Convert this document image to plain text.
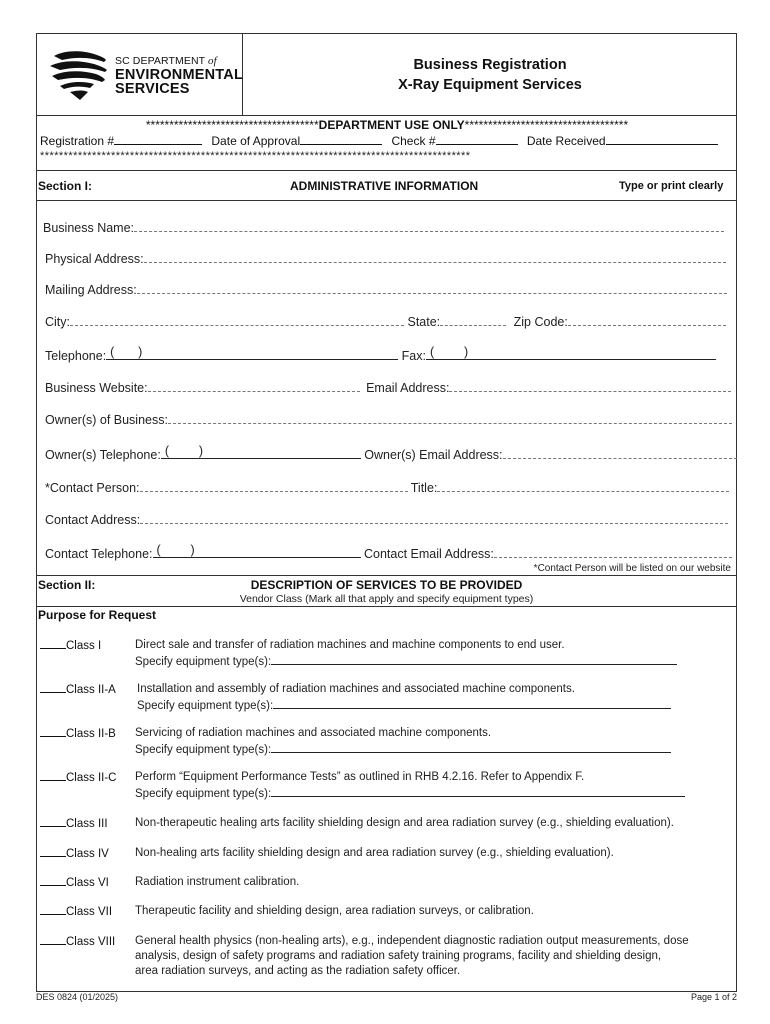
SC DEPARTMENT of
ENVIRONMENTAL
SERVICES
Business Registration
X-Ray Equipment Services
*************************************DEPARTMENT USE ONLY***********************************
Registration #	Date of Approval	Check #	Date Received
*******************************************************************************************
Section I:	ADMINISTRATIVE INFORMATION	Type or print clearly
Business Name:
Physical Address:
Mailing Address:
City:	State:	Zip Code:
Telephone: ( )	Fax: ( )
Business Website:	Email Address:
Owner(s) of Business:
Owner(s) Telephone: ( )	Owner(s) Email Address:
*Contact Person:	Title:
Contact Address:
Contact Telephone: ( )	Contact Email Address:
*Contact Person will be listed on our website
Section II:	DESCRIPTION OF SERVICES TO BE PROVIDED
Vendor Class (Mark all that apply and specify equipment types)
Purpose for Request
Class I	Direct sale and transfer of radiation machines and machine components to end user.
Specify equipment type(s):
Class II-A Installation and assembly of radiation machines and associated machine components.
Specify equipment type(s):
Class II-B Servicing of radiation machines and associated machine components.
Specify equipment type(s):
Class II-C Perform “Equipment Performance Tests” as outlined in RHB 4.2.16. Refer to Appendix F.
Specify equipment type(s):
Class III Non-therapeutic healing arts facility shielding design and area radiation survey (e.g., shielding evaluation).
Class IV Non-healing arts facility shielding design and area radiation survey (e.g., shielding evaluation).
Class VI Radiation instrument calibration.
Class VII Therapeutic facility and shielding design, area radiation surveys, or calibration.
Class VIII General health physics (non-healing arts), e.g., independent diagnostic radiation output measurements, dose
analysis, design of safety programs and radiation safety training programs, facility and shielding design,
area radiation surveys, and acting as the radiation safety officer.
DES 0824 (01/2025)	Page 1 of 2
